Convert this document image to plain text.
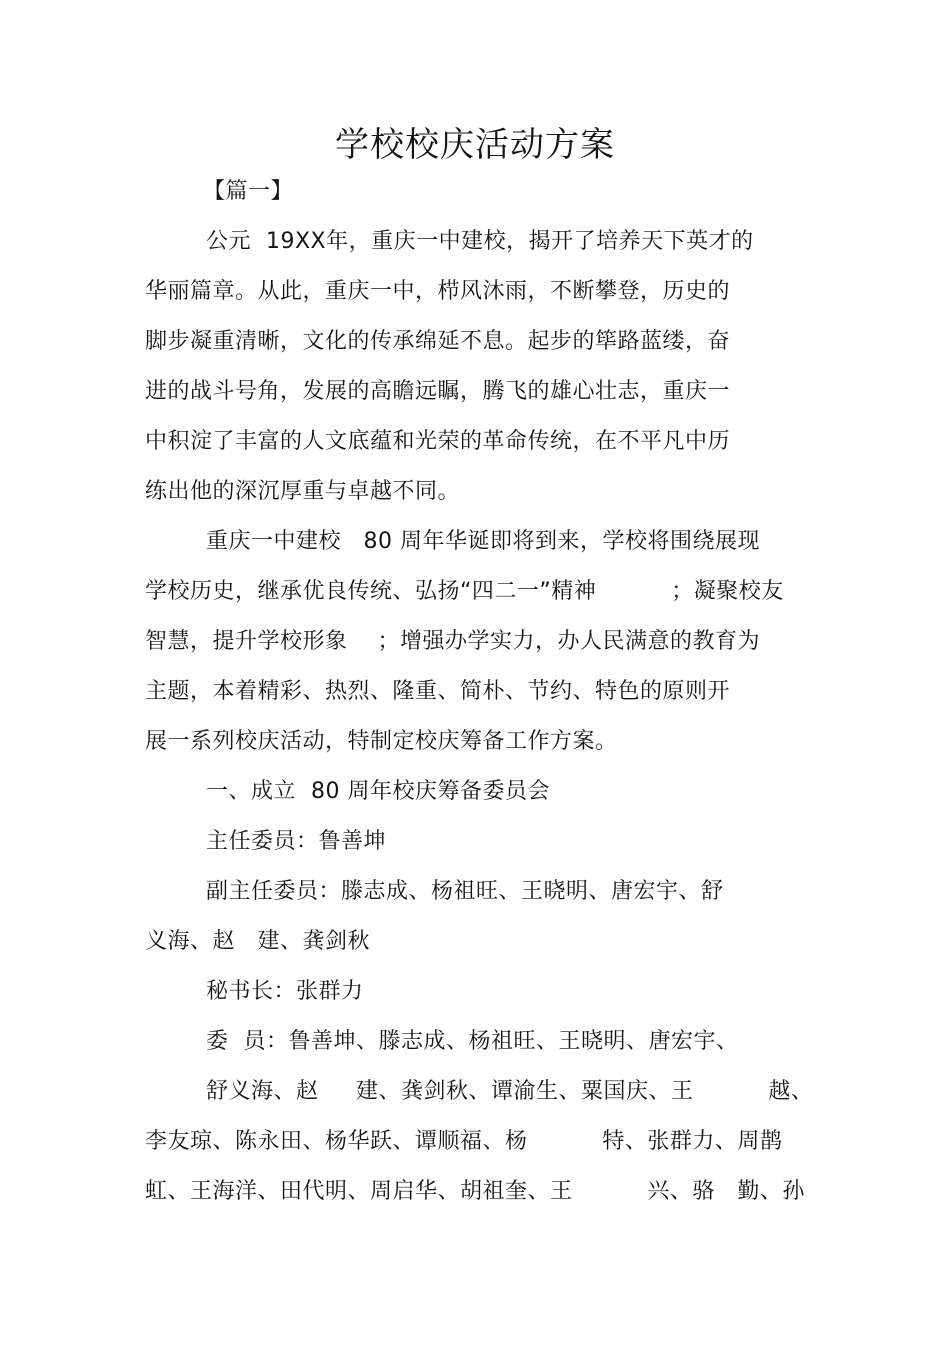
学校校庆活动方案
【篇一】
公元  19XX年，重庆一中建校，揭开了培养天下英才的
华丽篇章。从此，重庆一中，栉风沐雨，不断攀登，历史的
脚步凝重清晰，文化的传承绵延不息。起步的筚路蓝缕，奋
进的战斗号角，发展的高瞻远瞩，腾飞的雄心壮志，重庆一
中积淀了丰富的人文底蕴和光荣的革命传统，在不平凡中历
练出他的深沉厚重与卓越不同。
重庆一中建校   80 周年华诞即将到来，学校将围绕展现
学校历史，继承优良传统、弘扬“四二一”精神          ；凝聚校友
智慧，提升学校形象    ；增强办学实力，办人民满意的教育为
主题，本着精彩、热烈、隆重、简朴、节约、特色的原则开
展一系列校庆活动，特制定校庆筹备工作方案。
一、成立  80 周年校庆筹备委员会
主任委员：鲁善坤
副主任委员：滕志成、杨祖旺、王晓明、唐宏宇、舒
义海、赵   建、龚剑秋
秘书长：张群力
委  员：鲁善坤、滕志成、杨祖旺、王晓明、唐宏宇、
舒义海、赵     建、龚剑秋、谭渝生、粟国庆、王          越、
李友琼、陈永田、杨华跃、谭顺福、杨          特、张群力、周鹊
虹、王海洋、田代明、周启华、胡祖奎、王          兴、骆   勤、孙
